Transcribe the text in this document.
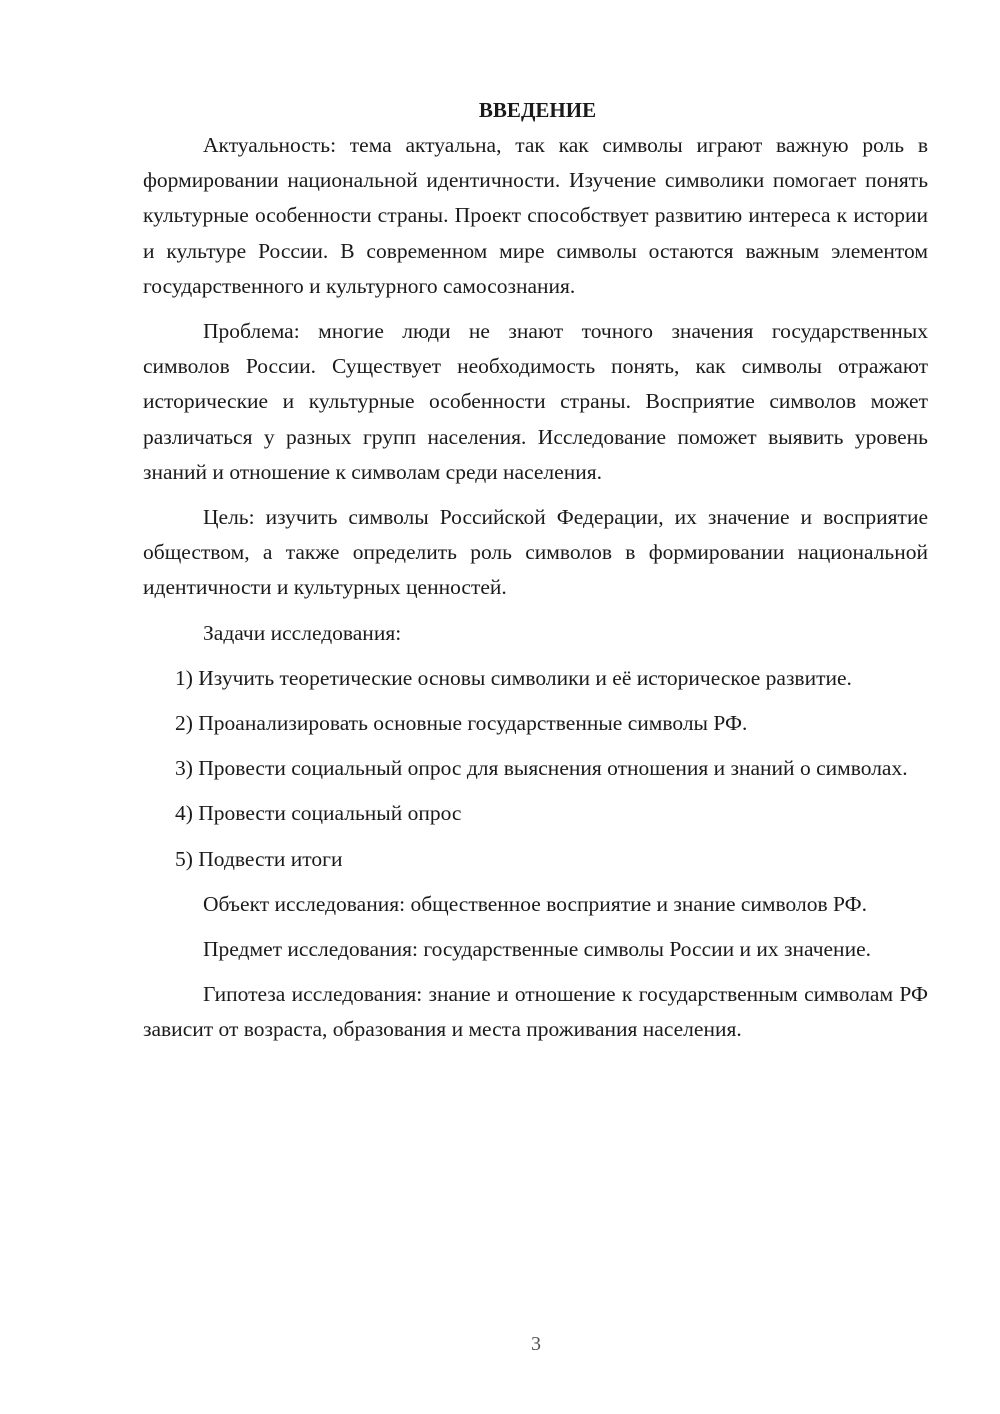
ВВЕДЕНИЕ

Актуальность: тема актуальна, так как символы играют важную роль в формировании национальной идентичности. Изучение символики помогает понять культурные особенности страны. Проект способствует развитию интереса к истории и культуре России. В современном мире символы остаются важным элементом государственного и культурного самосознания.

Проблема: многие люди не знают точного значения государственных символов России. Существует необходимость понять, как символы отражают исторические и культурные особенности страны. Восприятие символов может различаться у разных групп населения. Исследование поможет выявить уровень знаний и отношение к символам среди населения.

Цель: изучить символы Российской Федерации, их значение и восприятие обществом, а также определить роль символов в формировании национальной идентичности и культурных ценностей.

Задачи исследования:

1) Изучить теоретические основы символики и её историческое развитие.

2) Проанализировать основные государственные символы РФ.

3) Провести социальный опрос для выяснения отношения и знаний о символах.

4) Провести социальный опрос

5) Подвести итоги

Объект исследования: общественное восприятие и знание символов РФ.

Предмет исследования: государственные символы России и их значение.

Гипотеза исследования: знание и отношение к государственным символам РФ зависит от возраста, образования и места проживания населения.

3
